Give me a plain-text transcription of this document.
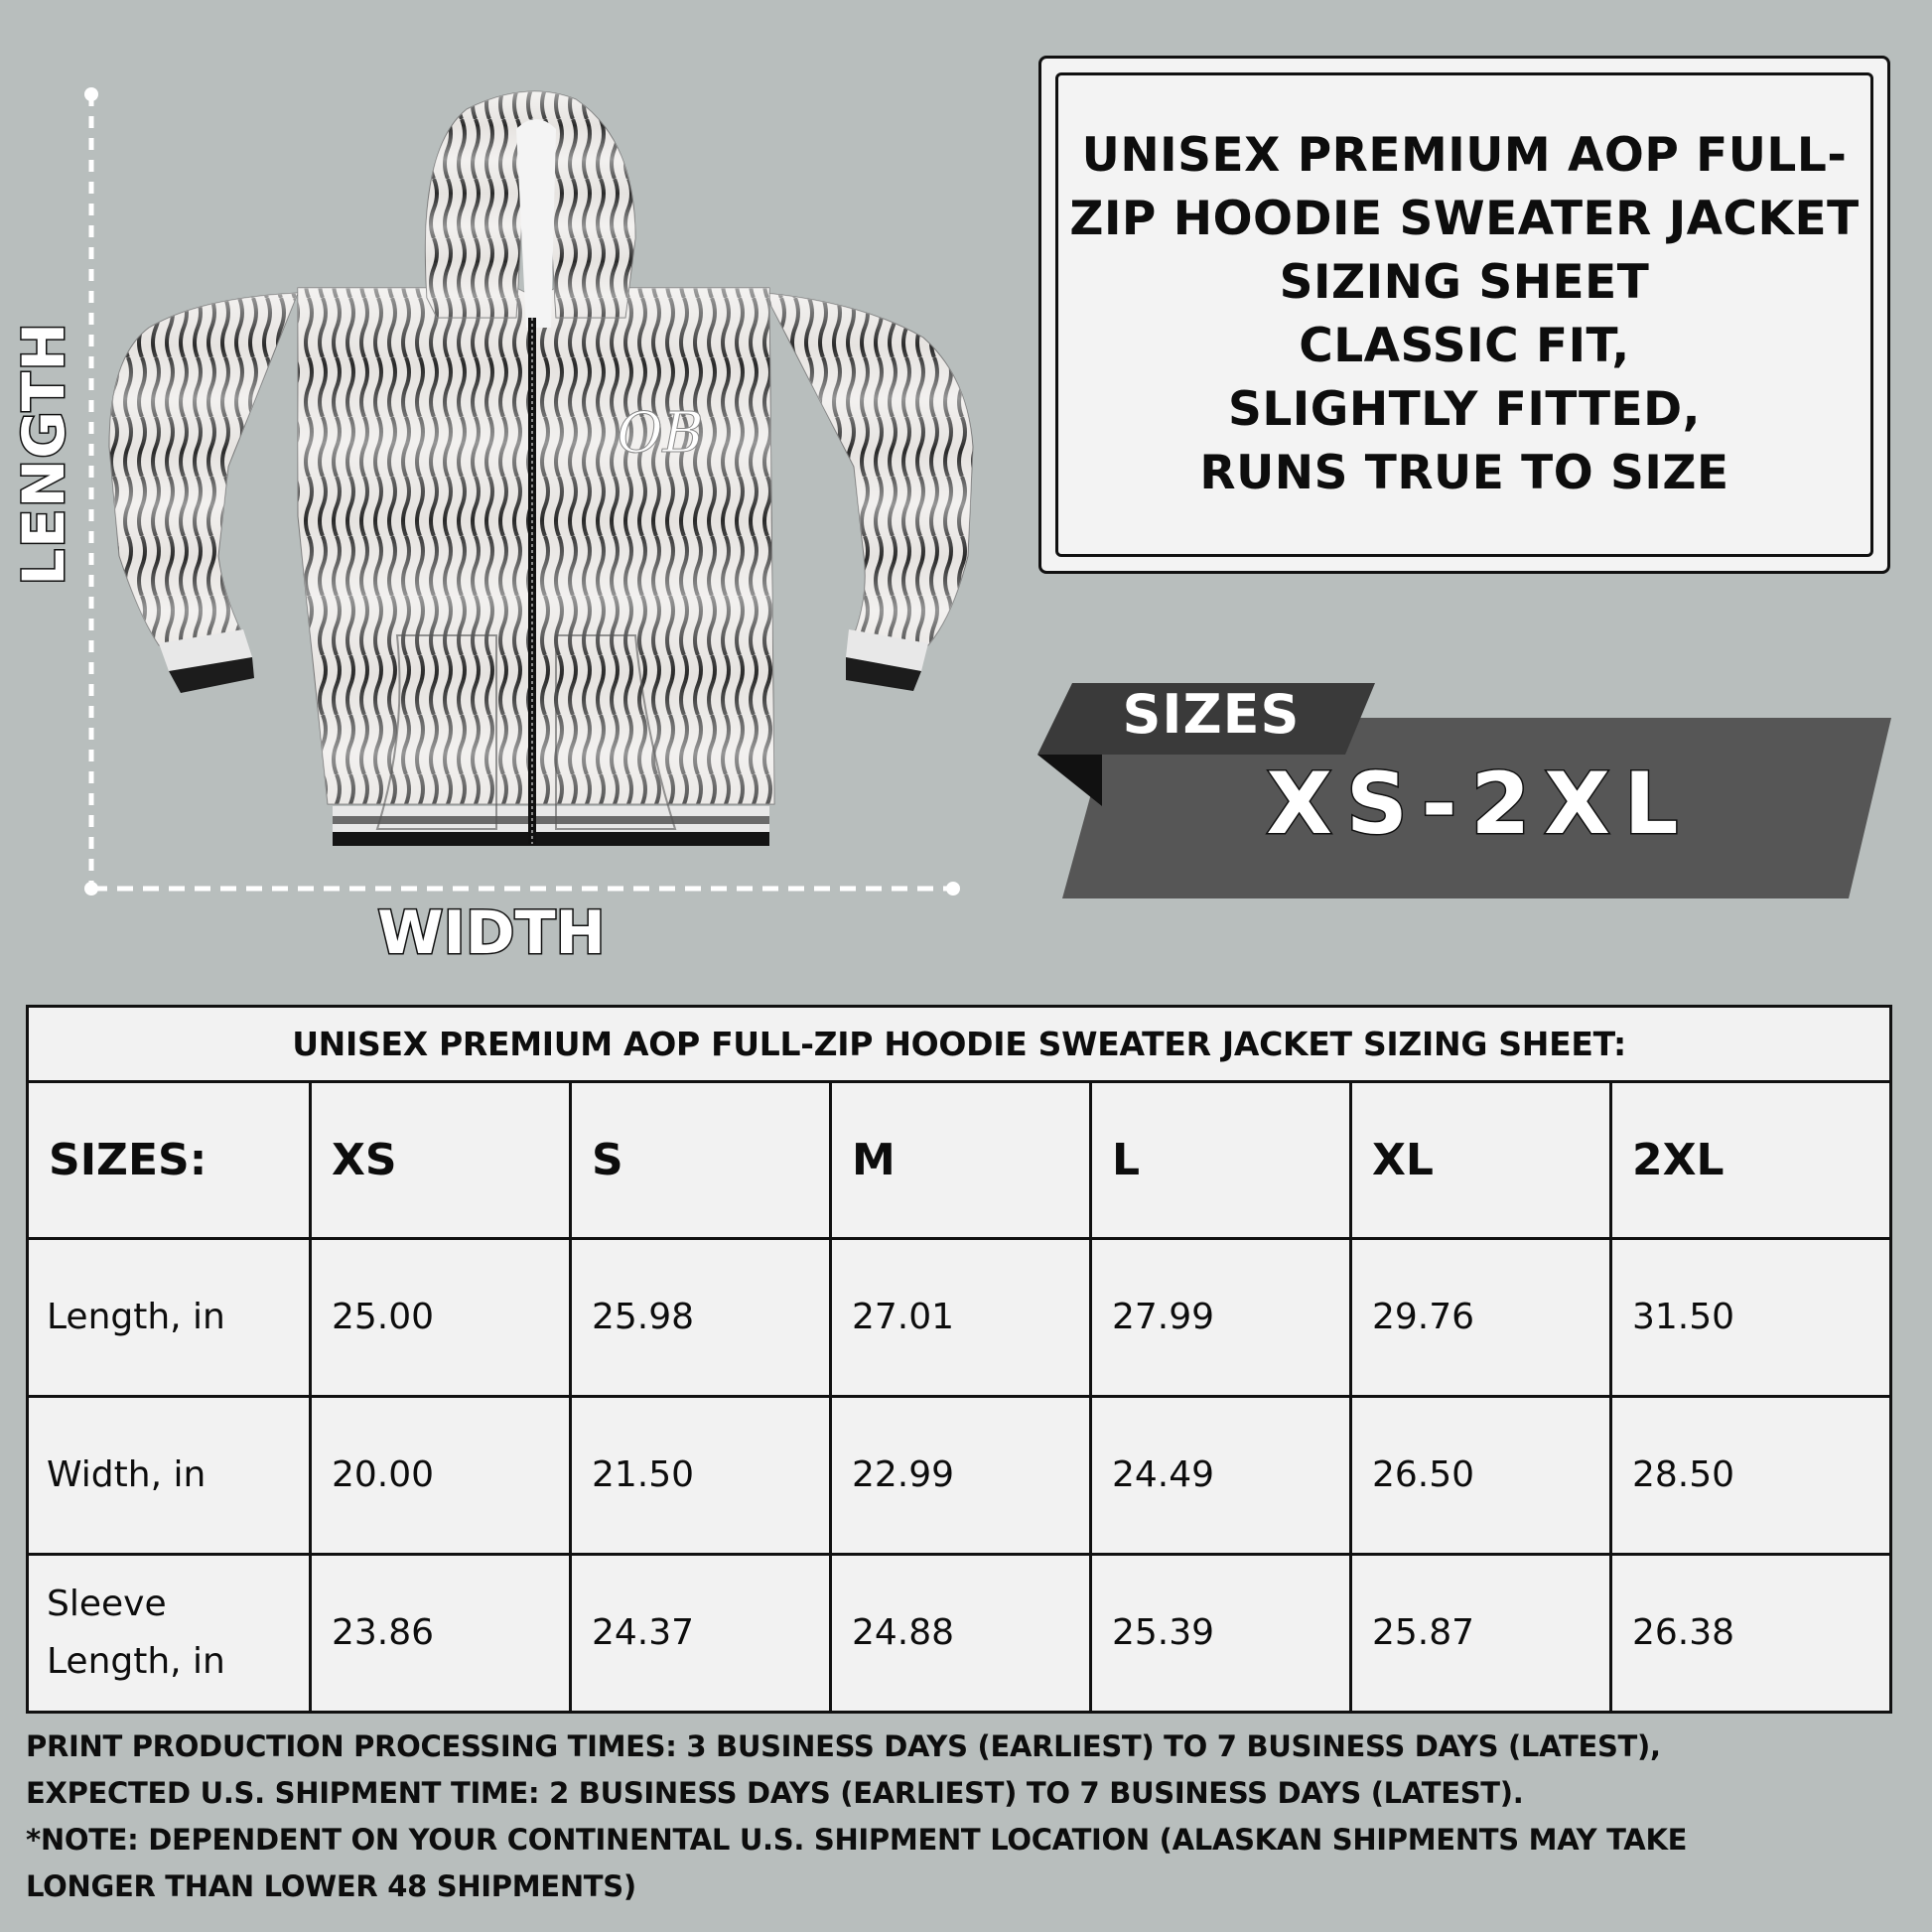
OB
LENGTH
WIDTH
UNISEX PREMIUM AOP FULL-
ZIP HOODIE SWEATER JACKET
SIZING SHEET
CLASSIC FIT,
SLIGHTLY FITTED,
RUNS TRUE TO SIZE
SIZES
XS-2XL
UNISEX PREMIUM AOP FULL-ZIP HOODIE SWEATER JACKET SIZING SHEET:						
SIZES:	XS	S	M	L	XL	2XL
Length, in	25.00	25.98	27.01	27.99	29.76	31.50
Width, in	20.00	21.50	22.99	24.49	26.50	28.50

Sleeve
Length, in	23.86	24.37	24.88	25.39	25.87	26.38
PRINT PRODUCTION PROCESSING TIMES: 3 BUSINESS DAYS (EARLIEST) TO 7 BUSINESS DAYS (LATEST),
EXPECTED U.S. SHIPMENT TIME: 2 BUSINESS DAYS (EARLIEST) TO 7 BUSINESS DAYS (LATEST).
*NOTE: DEPENDENT ON YOUR CONTINENTAL U.S. SHIPMENT LOCATION (ALASKAN SHIPMENTS MAY TAKE
LONGER THAN LOWER 48 SHIPMENTS)
